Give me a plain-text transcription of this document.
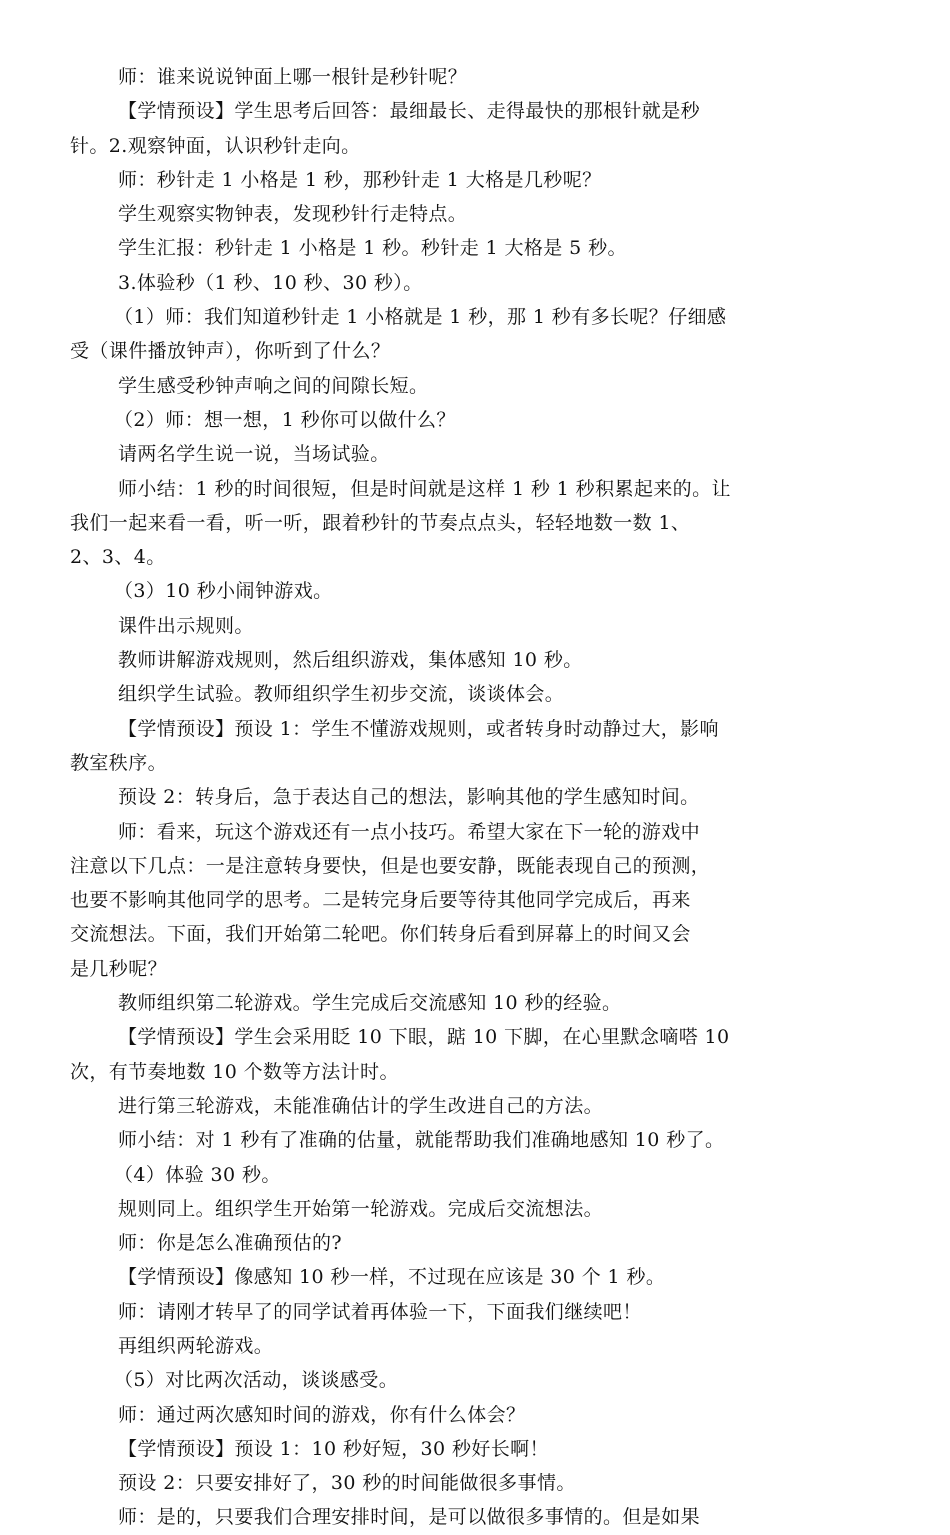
师：谁来说说钟面上哪一根针是秒针呢？
【学情预设】学生思考后回答：最细最长、走得最快的那根针就是秒
针。2.观察钟面，认识秒针走向。
师：秒针走 1 小格是 1 秒，那秒针走 1 大格是几秒呢？
学生观察实物钟表，发现秒针行走特点。
学生汇报：秒针走 1 小格是 1 秒。秒针走 1 大格是 5 秒。
3.体验秒（1 秒、10 秒、30 秒）。
（1）师：我们知道秒针走 1 小格就是 1 秒，那 1 秒有多长呢？仔细感
受（课件播放钟声），你听到了什么？
学生感受秒钟声响之间的间隙长短。
（2）师：想一想，1 秒你可以做什么？
请两名学生说一说，当场试验。
师小结：1 秒的时间很短，但是时间就是这样 1 秒 1 秒积累起来的。让
我们一起来看一看，听一听，跟着秒针的节奏点点头，轻轻地数一数 1、
2、3、4。
（3）10 秒小闹钟游戏。
课件出示规则。
教师讲解游戏规则，然后组织游戏，集体感知 10 秒。
组织学生试验。教师组织学生初步交流，谈谈体会。
【学情预设】预设 1：学生不懂游戏规则，或者转身时动静过大，影响
教室秩序。
预设 2：转身后，急于表达自己的想法，影响其他的学生感知时间。
师：看来，玩这个游戏还有一点小技巧。希望大家在下一轮的游戏中
注意以下几点：一是注意转身要快，但是也要安静，既能表现自己的预测，
也要不影响其他同学的思考。二是转完身后要等待其他同学完成后，再来
交流想法。下面，我们开始第二轮吧。你们转身后看到屏幕上的时间又会
是几秒呢？
教师组织第二轮游戏。学生完成后交流感知 10 秒的经验。
【学情预设】学生会采用眨 10 下眼，踮 10 下脚，在心里默念嘀嗒 10
次，有节奏地数 10 个数等方法计时。
进行第三轮游戏，未能准确估计的学生改进自己的方法。
师小结：对 1 秒有了准确的估量，就能帮助我们准确地感知 10 秒了。
（4）体验 30 秒。
规则同上。组织学生开始第一轮游戏。完成后交流想法。
师：你是怎么准确预估的?
【学情预设】像感知 10 秒一样，不过现在应该是 30 个 1 秒。
师：请刚才转早了的同学试着再体验一下，下面我们继续吧！
再组织两轮游戏。
（5）对比两次活动，谈谈感受。
师：通过两次感知时间的游戏，你有什么体会？
【学情预设】预设 1：10 秒好短，30 秒好长啊！
预设 2：只要安排好了，30 秒的时间能做很多事情。
师：是的，只要我们合理安排时间，是可以做很多事情的。但是如果
